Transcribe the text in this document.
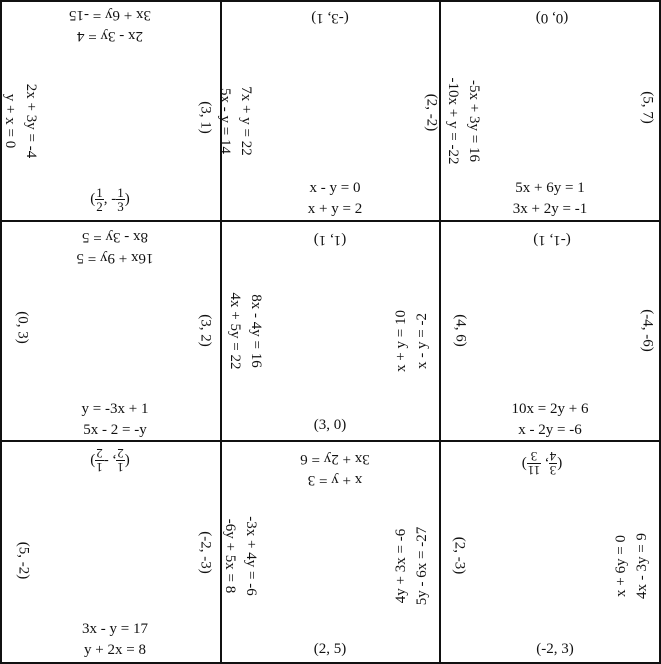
2x - 3y = 4
3x + 6y = -15
2x + 3y = -4
y + x = 0	(3, 1)
( $\frac{1}{2}$ , - $\frac{1}{3}$ )
(-3, 1)
7x + y = 22
5x - y = 14	(2, -2)
x - y = 0
x + y = 2
(0, 0)
-5x + 3y = 16
-10x + y = -22	(5, 7)
5x + 6y = 1
3x + 2y = -1
16x + 9y = 5
8x - 3y = 5
(0, 3)	(3, 2)
y = -3x + 1
5x - 2 = -y
(1, 1)
8x - 4y = 16
4x + 5y = 22	x + y = 10 x - y = -2
(3, 0)
(-1, 1)
(4, 6)	(-4, -6)
10x = 2y + 6
x - 2y = -6
(
1
2
, -
1
2
)
(5, -2)	(-2, -3)
3x - y = 17
y + 2x = 8
x + y = 3
3x + 2y = 6
-3x + 4y = -6
-6y + 5x = 8	4y + 3x = -6 5y - 6x = -27
(2, 5)
(
3
4
,
11
3
)
(2, -3)	x + 6y = 0 4x - 3y = 9
(-2, 3)
